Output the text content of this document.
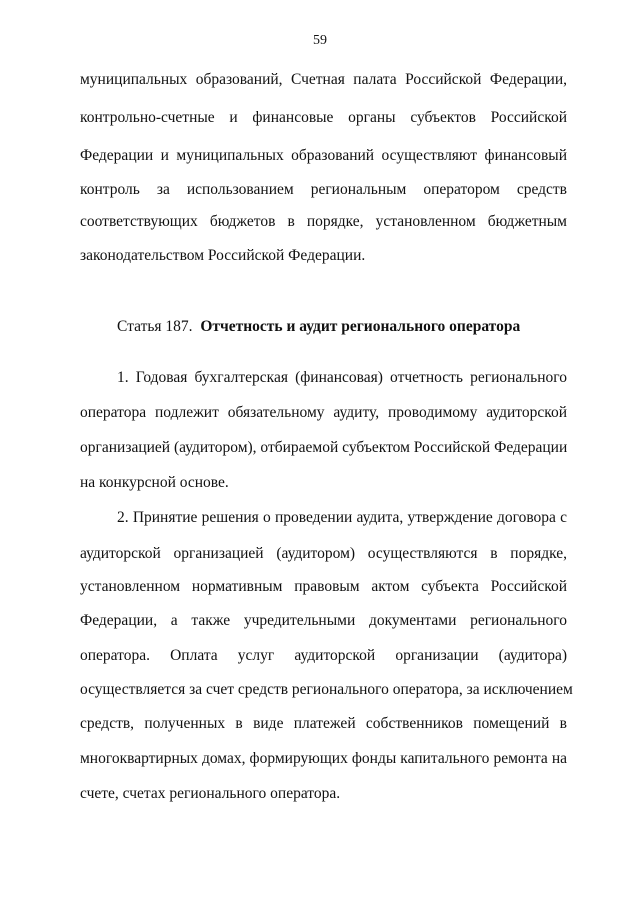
59
муниципальных образований, Счетная палата Российской Федерации,
контрольно-счетные и финансовые органы субъектов Российской
Федерации и муниципальных образований осуществляют финансовый
контроль за использованием региональным оператором средств
соответствующих бюджетов в порядке, установленном бюджетным
законодательством Российской Федерации.
Статья 187. Отчетность и аудит регионального оператора
1. Годовая бухгалтерская (финансовая) отчетность регионального
оператора подлежит обязательному аудиту, проводимому аудиторской
организацией (аудитором), отбираемой субъектом Российской Федерации
на конкурсной основе.
2. Принятие решения о проведении аудита, утверждение договора с
аудиторской организацией (аудитором) осуществляются в порядке,
установленном нормативным правовым актом субъекта Российской
Федерации, а также учредительными документами регионального
оператора. Оплата услуг аудиторской организации (аудитора)
осуществляется за счет средств регионального оператора, за исключением
средств, полученных в виде платежей собственников помещений в
многоквартирных домах, формирующих фонды капитального ремонта на
счете, счетах регионального оператора.
